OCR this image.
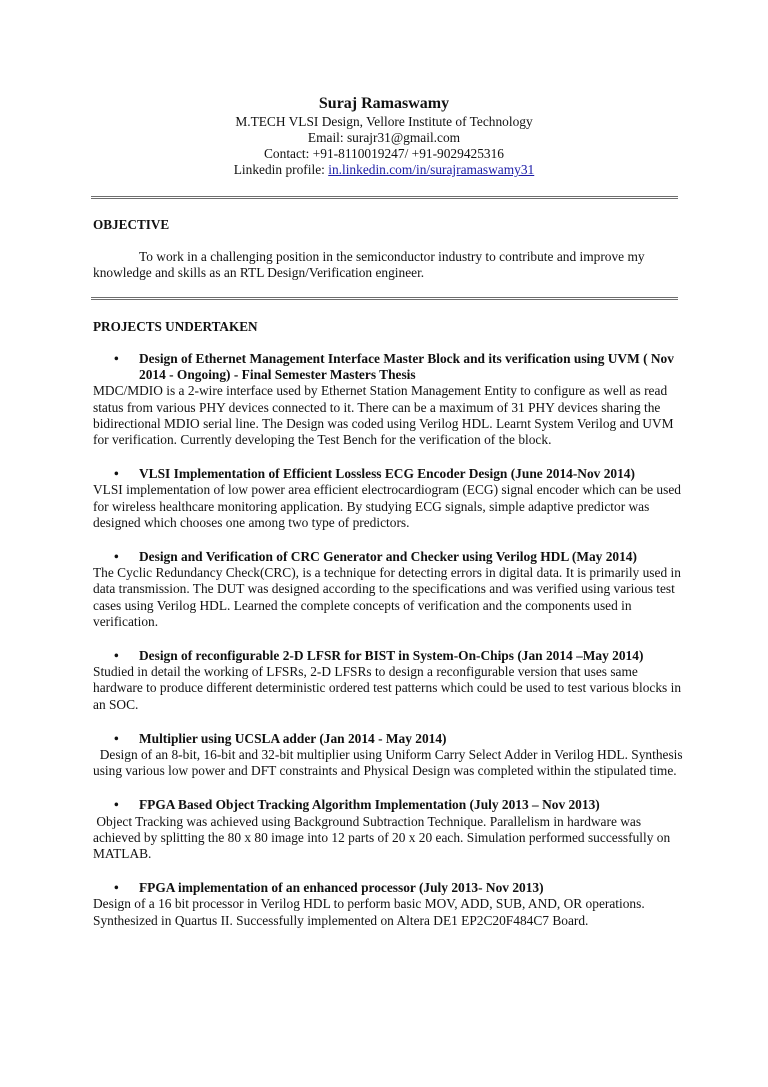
Suraj Ramaswamy
M.TECH VLSI Design, Vellore Institute of Technology
Email: surajr31@gmail.com
Contact: +91-8110019247/ +91-9029425316
Linkedin profile: in.linkedin.com/in/surajramaswamy31
OBJECTIVE
To work in a challenging position in the semiconductor industry to contribute and improve my knowledge and skills as an RTL Design/Verification engineer.
PROJECTS UNDERTAKEN
• Design of Ethernet Management Interface Master Block and its verification using UVM ( Nov 2014 - Ongoing) - Final Semester Masters Thesis
MDC/MDIO is a 2-wire interface used by Ethernet Station Management Entity to configure as well as read status from various PHY devices connected to it. There can be a maximum of 31 PHY devices sharing the bidirectional MDIO serial line. The Design was coded using Verilog HDL. Learnt System Verilog and UVM for verification. Currently developing the Test Bench for the verification of the block.
• VLSI Implementation of Efficient Lossless ECG Encoder Design (June 2014-Nov 2014)
VLSI implementation of low power area efficient electrocardiogram (ECG) signal encoder which can be used for wireless healthcare monitoring application. By studying ECG signals, simple adaptive predictor was designed which chooses one among two type of predictors.
• Design and Verification of CRC Generator and Checker using Verilog HDL (May 2014)
The Cyclic Redundancy Check(CRC), is a technique for detecting errors in digital data. It is primarily used in data transmission. The DUT was designed according to the specifications and was verified using various test cases using Verilog HDL. Learned the complete concepts of verification and the components used in verification.
• Design of reconfigurable 2-D LFSR for BIST in System-On-Chips (Jan 2014 –May 2014)
Studied in detail the working of LFSRs, 2-D LFSRs to design a reconfigurable version that uses same hardware to produce different deterministic ordered test patterns which could be used to test various blocks in an SOC.
• Multiplier using UCSLA adder (Jan 2014 - May 2014)
Design of an 8-bit, 16-bit and 32-bit multiplier using Uniform Carry Select Adder in Verilog HDL. Synthesis using various low power and DFT constraints and Physical Design was completed within the stipulated time.
• FPGA Based Object Tracking Algorithm Implementation (July 2013 – Nov 2013)
Object Tracking was achieved using Background Subtraction Technique. Parallelism in hardware was achieved by splitting the 80 x 80 image into 12 parts of 20 x 20 each. Simulation performed successfully on MATLAB.
• FPGA implementation of an enhanced processor (July 2013- Nov 2013)
Design of a 16 bit processor in Verilog HDL to perform basic MOV, ADD, SUB, AND, OR operations. Synthesized in Quartus II. Successfully implemented on Altera DE1 EP2C20F484C7 Board.
